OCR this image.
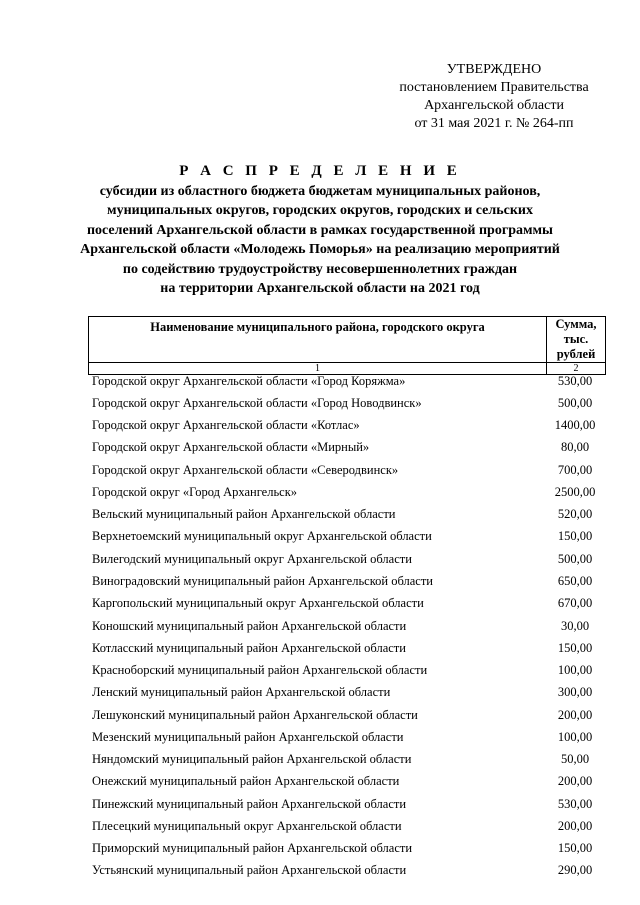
УТВЕРЖДЕНО
постановлением Правительства
Архангельской области
от 31 мая 2021 г. № 264-пп
Р А С П Р Е Д Е Л Е Н И Е
субсидии из областного бюджета бюджетам муниципальных районов,
муниципальных округов, городских округов, городских и сельских
поселений Архангельской области в рамках государственной программы
Архангельской области «Молодежь Поморья» на реализацию мероприятий
по содействию трудоустройству несовершеннолетних граждан
на территории Архангельской области на 2021 год
Наименование муниципального района, городского округа	Сумма,
тыс. рублей

1	2
Городской округ Архангельской области «Город Коряжма»	530,00
Городской округ Архангельской области «Город Новодвинск»	500,00
Городской округ Архангельской области «Котлас»	1400,00
Городской округ Архангельской области «Мирный»	80,00
Городской округ Архангельской области «Северодвинск»	700,00
Городской округ «Город Архангельск»	2500,00
Вельский муниципальный район Архангельской области	520,00
Верхнетоемский муниципальный округ Архангельской области	150,00
Вилегодский муниципальный округ Архангельской области	500,00
Виноградовский муниципальный район Архангельской области	650,00
Каргопольский муниципальный округ Архангельской области	670,00
Коношский муниципальный район Архангельской области	30,00
Котласский муниципальный район Архангельской области	150,00
Красноборский муниципальный район Архангельской области	100,00
Ленский муниципальный район Архангельской области	300,00
Лешуконский муниципальный район Архангельской области	200,00
Мезенский муниципальный район Архангельской области	100,00
Няндомский муниципальный район Архангельской области	50,00
Онежский муниципальный район Архангельской области	200,00
Пинежский муниципальный район Архангельской области	530,00
Плесецкий муниципальный округ Архангельской области	200,00
Приморский муниципальный район Архангельской области	150,00
Устьянский муниципальный район Архангельской области	290,00
